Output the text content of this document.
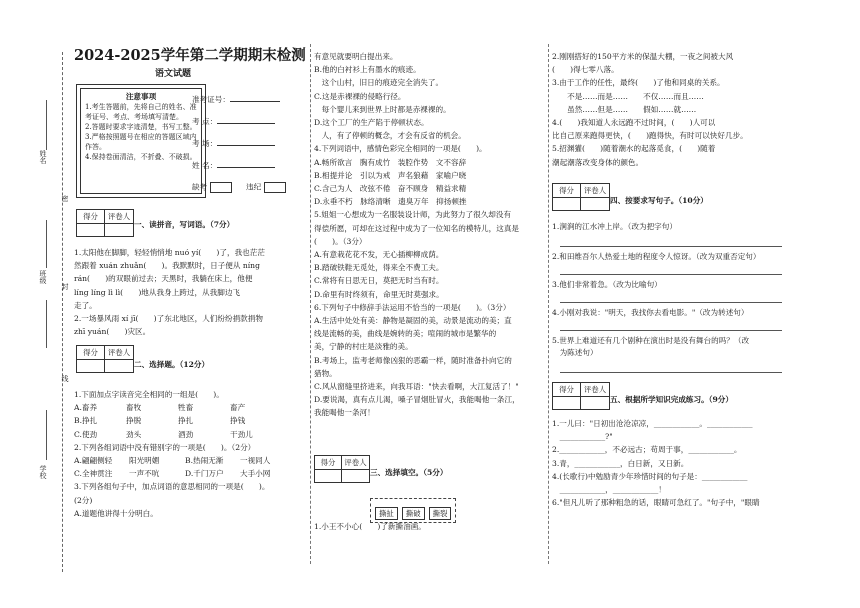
姓名
密
班级
封
线
学校
2024-2025学年第二学期期末检测
语文试题
注意事项
1.考生答题前，先将自己的姓名、准考证号、考点、考场填写清楚。
2.答题时要求字迹清楚，书写工整。
3.严格按照题号在相应的答题区域内作答。
4.保持卷面清洁，不折叠、不破损。
准考证号：
考 点：
考 场：
姓 名：
缺考	违纪
得分	评卷人
一、读拼音，写词语。（7分）
1.太阳他在脚脚，轻轻悄悄地 nuó yí(　　)了，我也茫茫
然跟着 xuán zhuǎn(　　)。我默默时，日子便从 níng
rán(　　)的双眼前过去；天黑时，我躺在床上，他便
líng líng lì lì(　　)地从我身上跨过，从我脚边飞
走了。
2.一场暴风雨 xí jī(　　)了东北地区，人们纷纷捐款捐物
zhī yuán(　　)灾区。
得分	评卷人
二、选择题。（12分）
1.下面加点字读音完全相同的一组是(　　)。
A.畜养	畜牧	牲畜	畜产
B.挣扎	挣脱	挣扎	挣钱
C.使劲	劲头	酒劲	干劲儿
2.下列各组词语中没有错别字的一项是(　　)。（2分）
A.翩翩侧轻 阳光明媚	B.热闹无渐 一视同人
C.全神贯注 一声不吭	D.千门万户 大手小网
3.下列各组句子中，加点词语的意思相同的一项是(　　)。
(2分)
A.道题他讲得十分明白。
有意见就要明白提出来。
B.他的白衬衫上有墨水的痕迹。
　这个山村，旧日的痕迹完全消失了。
C.这是赤裸裸的侵略行径。
　每个婴儿来到世界上时都是赤裸裸的。
D.这个工厂的生产陷于停顿状态。
　人，有了停顿的概念，才会有反省的机会。
4.下列词语中，感情色彩完全相同的一项是(　　)。
A.畅所欲言　胸有成竹　装腔作势　文不容辞
B.相提并论　引以为戒　声名狼藉　家喻户晓
C.含己为人　改弦不倦　奋不顾身　精益求精
D.永垂不朽　脉络清晰　遗臭万年　抑扬顿挫
5.姐姐一心想成为一名服装设计师，为此努力了很久却没有
得偿所愿，可却在这过程中成为了一位知名的模特儿，这真是
(　　)。（3分）
A.有意栽花花不发，无心插柳柳成荫。
B.踏破铁鞋无觅处，得来全不费工夫。
C.常将有日思无日，莫把无时当有时。
D.命里有时终须有，命里无时莫强求。
6.下列句子中修辞手法运用不恰当的一项是(　　)。（3分）
A.生活中处处有美：静物是凝固的美，动景是流动的美；直
线是流畅的美，曲线是婉转的美；喧闹的城市是繁华的
美，宁静的村庄是淡雅的美。
B.考场上，监考老师像凶狠的恶霸一样，随时准备扑向它的
猎物。
C.风从窗缝里挤进来，向我耳语："快去看啊，大江复活了！"
D.要说渴，真有点儿渴，嗓子冒烟肚冒火，我能喝他一条江，
我能喝他一条河！
得分	评卷人
三、选择填空。（5分）
撕扯 撕破 撕裂
1.小王不小心(　　)了新撕油画。
2.刚刚搭好的150平方米的保温大棚，一夜之间被大风
(　　)得七零八落。
3.由于工作的任性，最终(　　)了他和同桌的关系。
　　不是……而是……　　不仅……而且……
　　虽然……但是……　　假如……就……
4.(　　)我知道人永远跑不过时间，(　　)人可以
比自己原来跑得更快，(　　)跑得快，有时可以快好几步。
5.招渊獾(　　)随着潮水的起落觅食，(　　)随着
潮起潮落改变身体的颜色。
得分	评卷人
四、按要求写句子。（10分）
1.涧涧的江水冲上岸。（改为把字句）
2.和田维吾尔人热爱土地的程度令人惊讶。（改为双重否定句）
3.他们非常着急。（改为比喻句）
4.小刚对我说："明天，我找你去看电影。"（改为转述句）
5.世界上难道还有几个剧种在演出时是没有舞台的吗？（改
　为陈述句）
得分	评卷人
五、根据所学知识完成练习。（9分）
1.一儿曰："日初出沧沧凉凉，____________。____________
　____________?"
2.____________，不必远古；苟周于事，____________。
3.青，____________，白日新，又日新。
4.(长歌行)中勉励青少年珍惜时间的句子是：____________
　____________，____________！
6."但凡儿听了那种粗急的话，眼睛可急红了。"句子中，"眼睛
